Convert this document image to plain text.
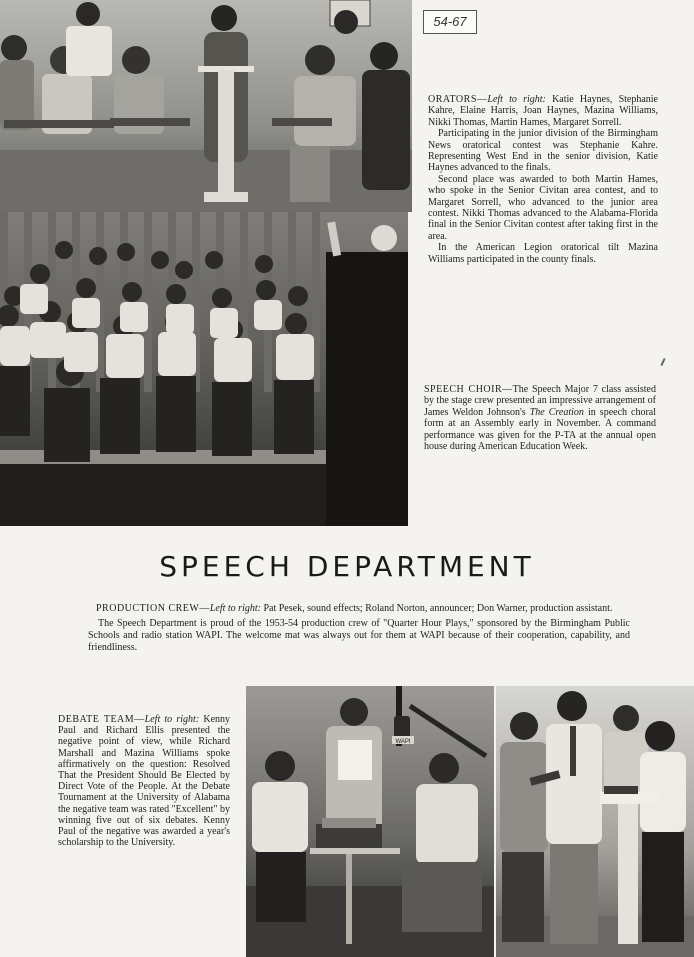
54-67

ORATORS—Left to right: Katie Haynes, Stephanie Kahre, Elaine Harris, Joan Haynes, Mazina Williams, Nikki Thomas, Martin Hames, Margaret Sorrell.

Participating in the junior division of the Birmingham News oratorical contest was Stephanie Kahre. Representing West End in the senior division, Katie Haynes advanced to the finals.

Second place was awarded to both Martin Hames, who spoke in the Senior Civitan area contest, and to Margaret Sorrell, who advanced to the junior area contest. Nikki Thomas advanced to the Alabama-Florida final in the Senior Civitan contest after taking first in the area.

In the American Legion oratorical tilt Mazina Williams participated in the county finals.

SPEECH CHOIR—The Speech Major 7 class assisted by the stage crew presented an impressive arrangement of James Weldon Johnson's The Creation in speech choral form at an Assembly early in November. A command performance was given for the P-TA at the annual open house during American Education Week.

SPEECH DEPARTMENT

PRODUCTION CREW—Left to right: Pat Pesek, sound effects; Roland Norton, announcer; Don Warner, production assistant.

The Speech Department is proud of the 1953-54 production crew of "Quarter Hour Plays," sponsored by the Birmingham Public Schools and radio station WAPI. The welcome mat was always out for them at WAPI because of their cooperation, capability, and friendliness.

DEBATE TEAM—Left to right: Kenny Paul and Richard Ellis presented the negative point of view, while Richard Marshall and Mazina Williams spoke affirmatively on the question: Resolved That the President Should Be Elected by Direct Vote of the People. At the Debate Tournament at the University of Alabama the negative team was rated "Excellent" by winning five out of six debates. Kenny Paul of the negative was awarded a year's scholarship to the University.

WAPI
